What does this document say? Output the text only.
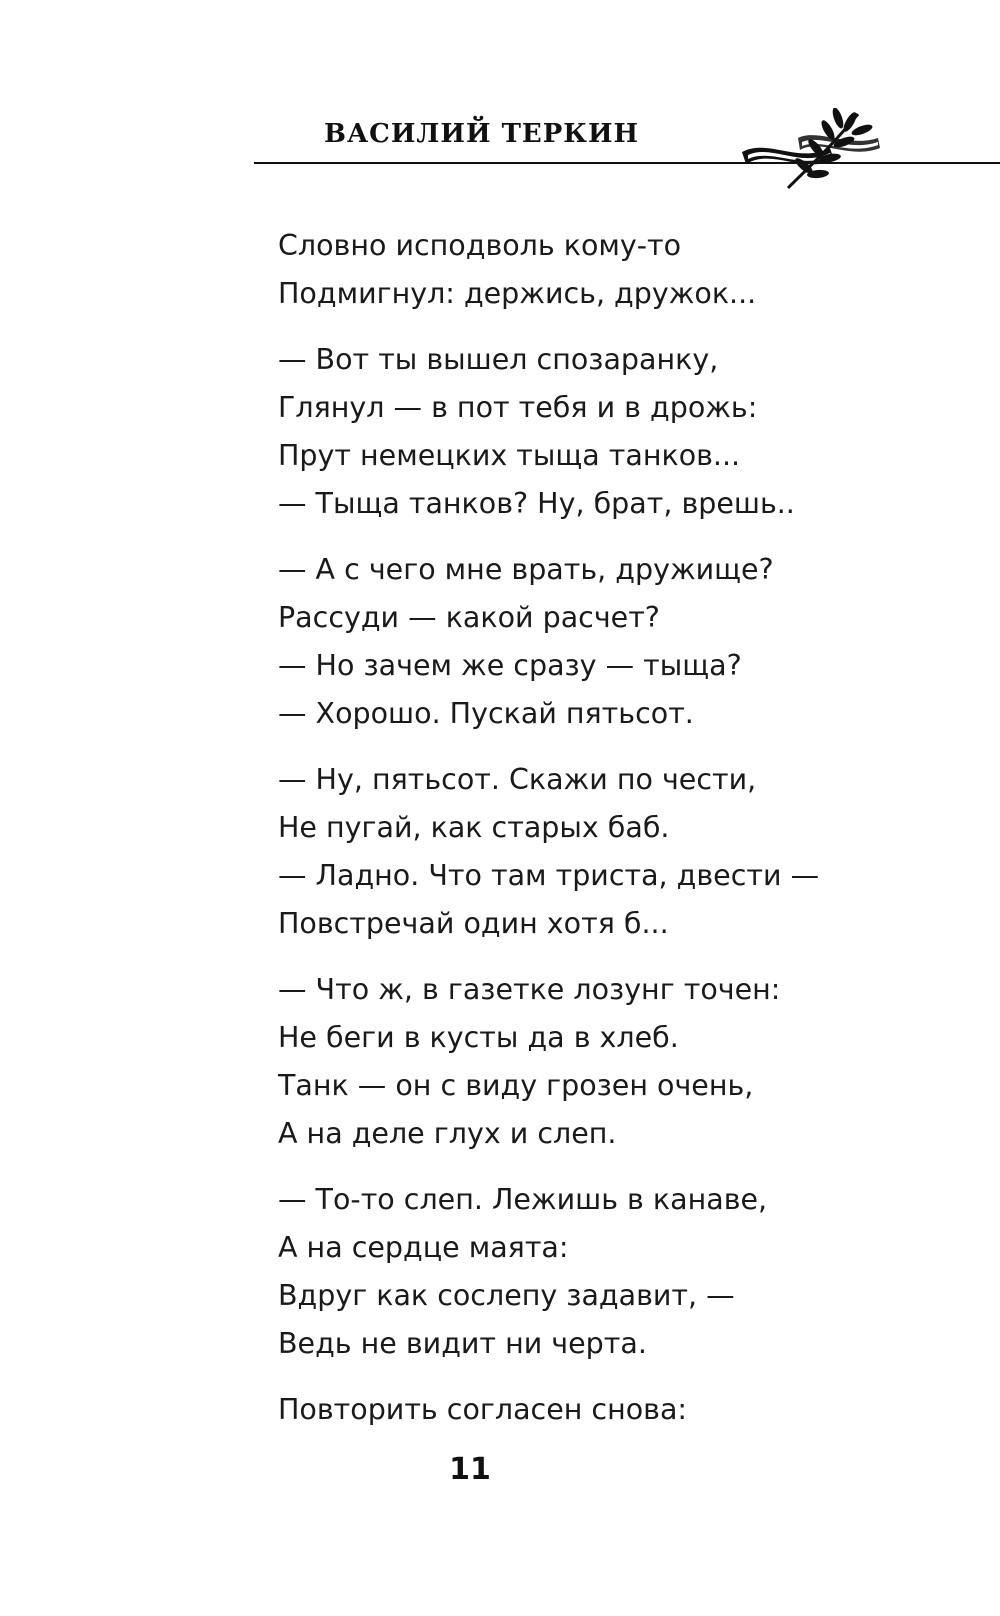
ВАСИЛИЙ ТЕРКИН
Словно исподволь кому-то
Подмигнул: держись, дружок...
— Вот ты вышел спозаранку,
Глянул — в пот тебя и в дрожь:
Прут немецких тыща танков...
— Тыща танков? Ну, брат, врешь..
— А с чего мне врать, дружище?
Рассуди — какой расчет?
— Но зачем же сразу — тыща?
— Хорошо. Пускай пятьсот.
— Ну, пятьсот. Скажи по чести,
Не пугай, как старых баб.
— Ладно. Что там триста, двести —
Повстречай один хотя б...
— Что ж, в газетке лозунг точен:
Не беги в кусты да в хлеб.
Танк — он с виду грозен очень,
А на деле глух и слеп.
— То-то слеп. Лежишь в канаве,
А на сердце маята:
Вдруг как сослепу задавит, —
Ведь не видит ни черта.
Повторить согласен снова:
11
